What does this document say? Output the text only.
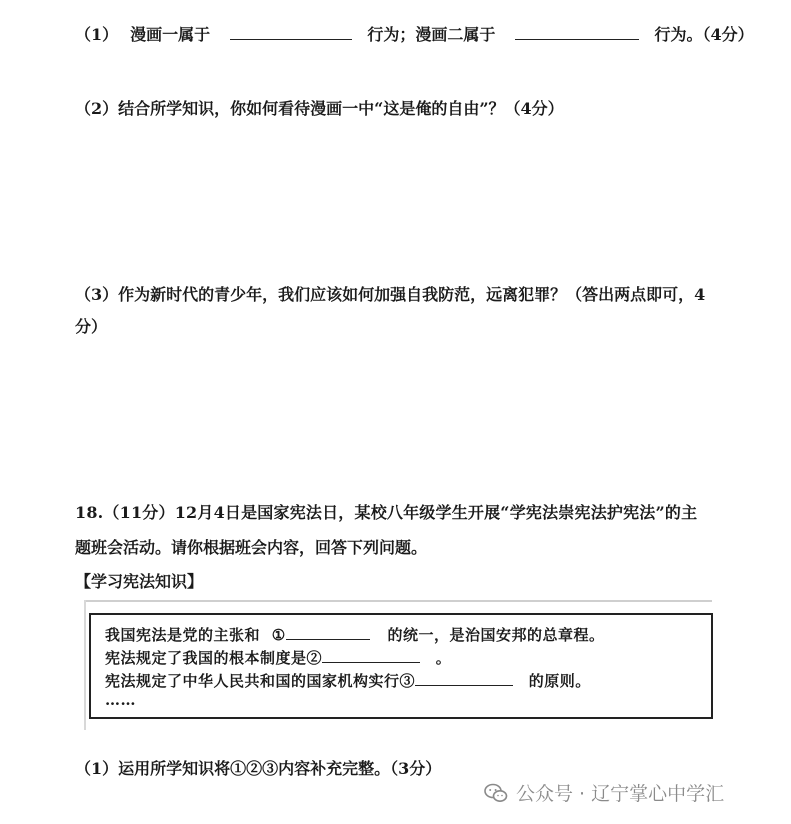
（1） 漫画一属于	行为；漫画二属于	行为。（4分）
（2）结合所学知识，你如何看待漫画一中“这是俺的自由”？（4分）
（3）作为新时代的青少年，我们应该如何加强自我防范，远离犯罪？（答出两点即可，4
分）
18.（11分）12月4日是国家宪法日，某校八年级学生开展“学宪法崇宪法护宪法”的主
题班会活动。请你根据班会内容，回答下列问题。
【学习宪法知识】
我国宪法是党的主张和 ①	的统一，是治国安邦的总章程。
宪法规定了我国的根本制度是②	。
宪法规定了中华人民共和国的国家机构实行③	的原则。
……
（1）运用所学知识将①②③内容补充完整。（3分）
公众号 · 辽宁掌心中学汇
